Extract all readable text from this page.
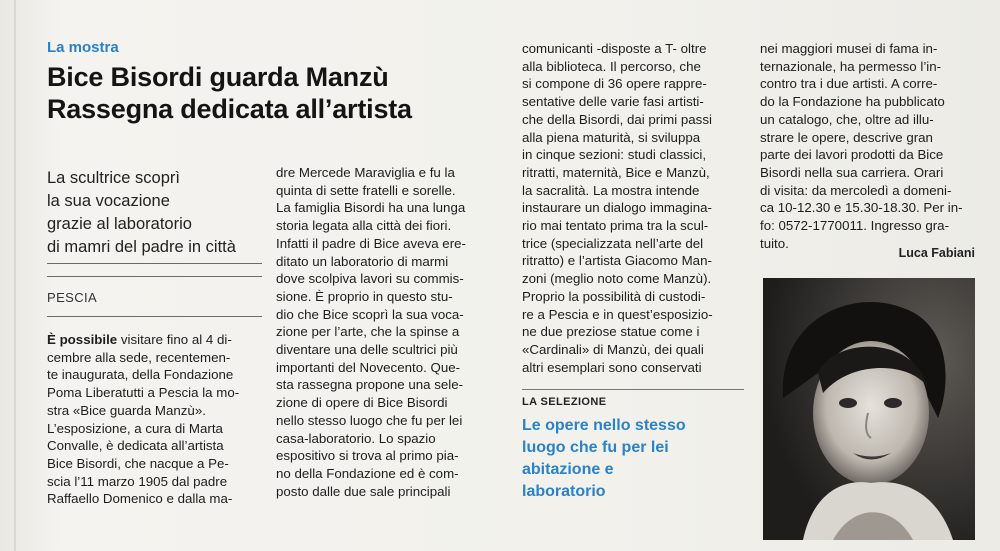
La mostra
Bice Bisordi guarda Manzù
Rassegna dedicata all’artista
La scultrice scoprì
la sua vocazione
grazie al laboratorio
di mamri del padre in città
PESCIA
È possibile visitare fino al 4 di-
cembre alla sede, recentemen-
te inaugurata, della Fondazione
Poma Liberatutti a Pescia la mo-
stra «Bice guarda Manzù».
L’esposizione, a cura di Marta
Convalle, è dedicata all’artista
Bice Bisordi, che nacque a Pe-
scia l’11 marzo 1905 dal padre
Raffaello Domenico e dalla ma-
dre Mercede Maraviglia e fu la
quinta di sette fratelli e sorelle.
La famiglia Bisordi ha una lunga
storia legata alla città dei fiori.
Infatti il padre di Bice aveva ere-
ditato un laboratorio di marmi
dove scolpiva lavori su commis-
sione. È proprio in questo stu-
dio che Bice scoprì la sua voca-
zione per l’arte, che la spinse a
diventare una delle scultrici più
importanti del Novecento. Que-
sta rassegna propone una sele-
zione di opere di Bice Bisordi
nello stesso luogo che fu per lei
casa-laboratorio. Lo spazio
espositivo si trova al primo pia-
no della Fondazione ed è com-
posto dalle due sale principali
comunicanti -disposte a T- oltre
alla biblioteca. Il percorso, che
si compone di 36 opere rappre-
sentative delle varie fasi artisti-
che della Bisordi, dai primi passi
alla piena maturità, si sviluppa
in cinque sezioni: studi classici,
ritratti, maternità, Bice e Manzù,
la sacralità. La mostra intende
instaurare un dialogo immagina-
rio mai tentato prima tra la scul-
trice (specializzata nell’arte del
ritratto) e l’artista Giacomo Man-
zoni (meglio noto come Manzù).
Proprio la possibilità di custodi-
re a Pescia e in quest’esposizio-
ne due preziose statue come i
«Cardinali» di Manzù, dei quali
altri esemplari sono conservati
LA SELEZIONE
Le opere nello stesso
luogo che fu per lei
abitazione e
laboratorio
nei maggiori musei di fama in-
ternazionale, ha permesso l’in-
contro tra i due artisti. A corre-
do la Fondazione ha pubblicato
un catalogo, che, oltre ad illu-
strare le opere, descrive gran
parte dei lavori prodotti da Bice
Bisordi nella sua carriera. Orari
di visita: da mercoledì a domeni-
ca 10-12.30 e 15.30-18.30. Per in-
fo: 0572-1770011. Ingresso gra-
tuito.
Luca Fabiani
